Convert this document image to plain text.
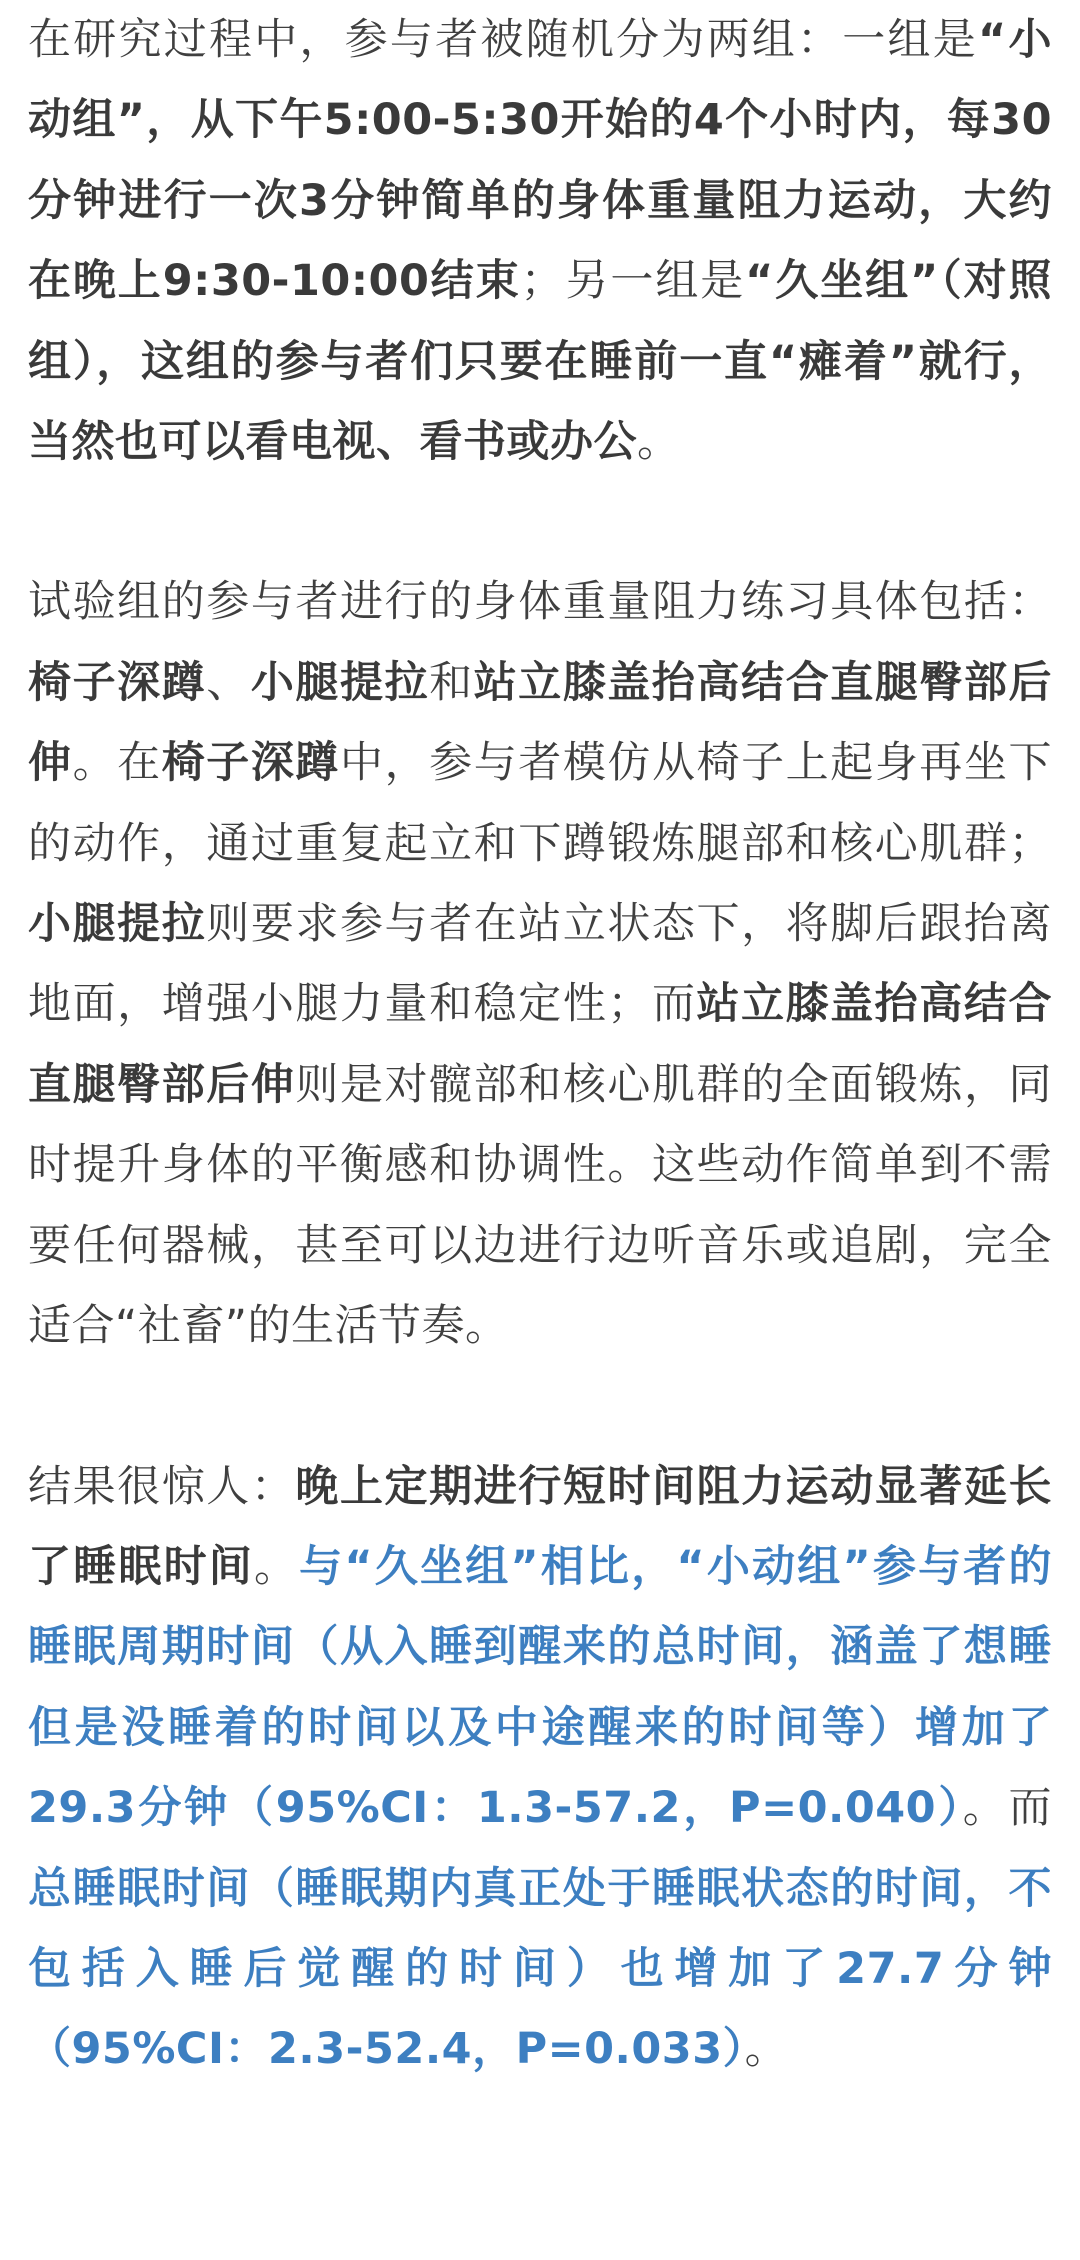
在研究过程中，参与者被随机分为两组：一组是“小动组”，从下午5:00-5:30开始的4个小时内，每30分钟进行一次3分钟简单的身体重量阻力运动，大约在晚上9:30-10:00结束；另一组是“久坐组”（对照组），这组的参与者们只要在睡前一直“瘫着”就行，当然也可以看电视、看书或办公。

试验组的参与者进行的身体重量阻力练习具体包括：椅子深蹲、小腿提拉和站立膝盖抬高结合直腿臀部后伸。在椅子深蹲中，参与者模仿从椅子上起身再坐下的动作，通过重复起立和下蹲锻炼腿部和核心肌群；小腿提拉则要求参与者在站立状态下，将脚后跟抬离地面，增强小腿力量和稳定性；而站立膝盖抬高结合直腿臀部后伸则是对髋部和核心肌群的全面锻炼，同时提升身体的平衡感和协调性。这些动作简单到不需要任何器械，甚至可以边进行边听音乐或追剧，完全适合“社畜”的生活节奏。

结果很惊人：晚上定期进行短时间阻力运动显著延长了睡眠时间。与“久坐组”相比，“小动组”参与者的睡眠周期时间（从入睡到醒来的总时间，涵盖了想睡但是没睡着的时间以及中途醒来的时间等）增加了29.3分钟（95%CI：1.3-57.2，P=0.040）。而总睡眠时间（睡眠期内真正处于睡眠状态的时间，不包括入睡后觉醒的时间）也增加了27.7分钟（95%CI：2.3-52.4，P=0.033）。
